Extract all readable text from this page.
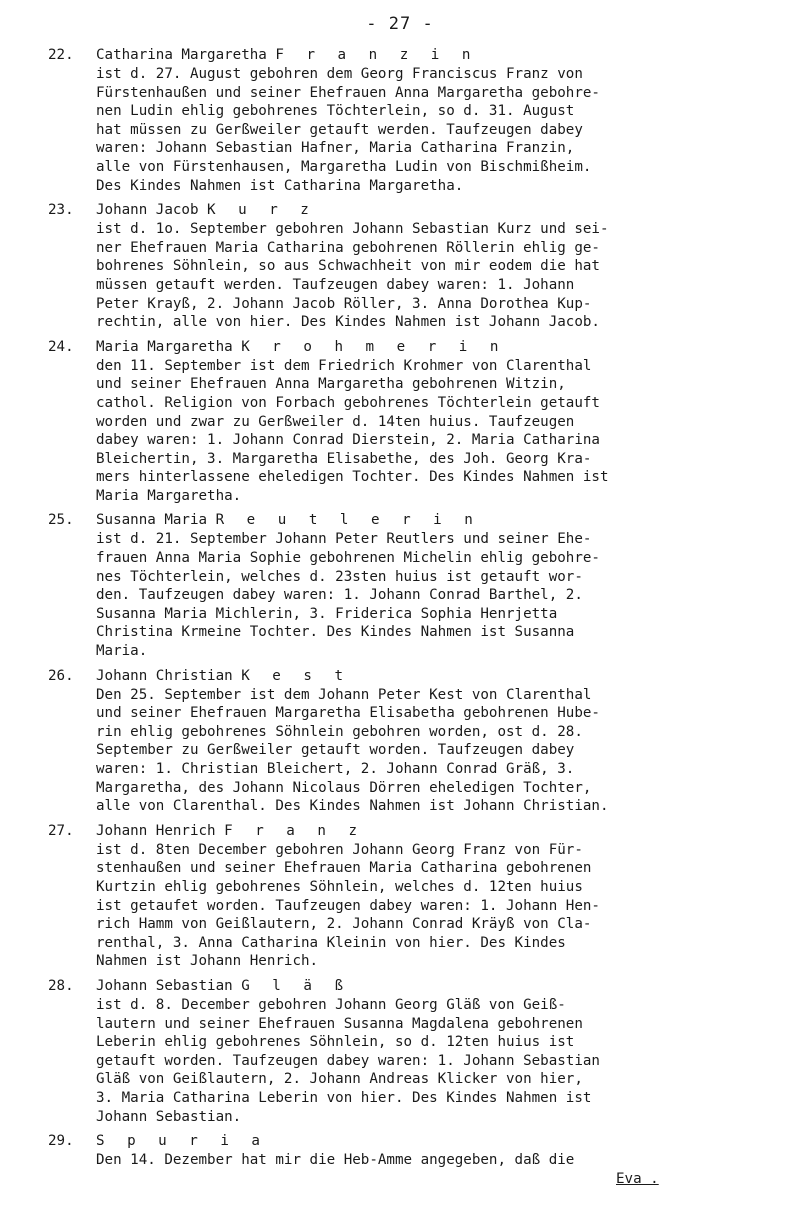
- 27 -
22. Catharina Margaretha F r a n z i n
ist d. 27. August gebohren dem Georg Franciscus Franz von
Fürstenhaußen und seiner Ehefrauen Anna Margaretha gebohre-
nen Ludin ehlig gebohrenes Töchterlein, so d. 31. August
hat müssen zu Gerßweiler getauft werden. Taufzeugen dabey
waren: Johann Sebastian Hafner, Maria Catharina Franzin,
alle von Fürstenhausen, Margaretha Ludin von Bischmißheim.
Des Kindes Nahmen ist Catharina Margaretha.
23. Johann Jacob K u r z
ist d. 1o. September gebohren Johann Sebastian Kurz und sei-
ner Ehefrauen Maria Catharina gebohrenen Röllerin ehlig ge-
bohrenes Söhnlein, so aus Schwachheit von mir eodem die hat
müssen getauft werden. Taufzeugen dabey waren: 1. Johann
Peter Krayß, 2. Johann Jacob Röller, 3. Anna Dorothea Kup-
rechtin, alle von hier. Des Kindes Nahmen ist Johann Jacob.
24. Maria Margaretha K r o h m e r i n
den 11. September ist dem Friedrich Krohmer von Clarenthal
und seiner Ehefrauen Anna Margaretha gebohrenen Witzin,
cathol. Religion von Forbach gebohrenes Töchterlein getauft
worden und zwar zu Gerßweiler d. 14ten huius. Taufzeugen
dabey waren: 1. Johann Conrad Dierstein, 2. Maria Catharina
Bleichertin, 3. Margaretha Elisabethe, des Joh. Georg Kra-
mers hinterlassene eheledigen Tochter. Des Kindes Nahmen ist
Maria Margaretha.
25. Susanna Maria R e u t l e r i n
ist d. 21. September Johann Peter Reutlers und seiner Ehe-
frauen Anna Maria Sophie gebohrenen Michelin ehlig gebohre-
nes Töchterlein, welches d. 23sten huius ist getauft wor-
den. Taufzeugen dabey waren: 1. Johann Conrad Barthel, 2.
Susanna Maria Michlerin, 3. Friderica Sophia Henrjetta
Christina Krmeine Tochter. Des Kindes Nahmen ist Susanna
Maria.
26. Johann Christian K e s t
Den 25. September ist dem Johann Peter Kest von Clarenthal
und seiner Ehefrauen Margaretha Elisabetha gebohrenen Hube-
rin ehlig gebohrenes Söhnlein gebohren worden, ost d. 28.
September zu Gerßweiler getauft worden. Taufzeugen dabey
waren: 1. Christian Bleichert, 2. Johann Conrad Gräß, 3.
Margaretha, des Johann Nicolaus Dörren eheledigen Tochter,
alle von Clarenthal. Des Kindes Nahmen ist Johann Christian.
27. Johann Henrich F r a n z
ist d. 8ten December gebohren Johann Georg Franz von Für-
stenhaußen und seiner Ehefrauen Maria Catharina gebohrenen
Kurtzin ehlig gebohrenes Söhnlein, welches d. 12ten huius
ist getaufet worden. Taufzeugen dabey waren: 1. Johann Hen-
rich Hamm von Geißlautern, 2. Johann Conrad Kräyß von Cla-
renthal, 3. Anna Catharina Kleinin von hier. Des Kindes
Nahmen ist Johann Henrich.
28. Johann Sebastian G l ä ß
ist d. 8. December gebohren Johann Georg Gläß von Geiß-
lautern und seiner Ehefrauen Susanna Magdalena gebohrenen
Leberin ehlig gebohrenes Söhnlein, so d. 12ten huius ist
getauft worden. Taufzeugen dabey waren: 1. Johann Sebastian
Gläß von Geißlautern, 2. Johann Andreas Klicker von hier,
3. Maria Catharina Leberin von hier. Des Kindes Nahmen ist
Johann Sebastian.
29. S p u r i a
Den 14. Dezember hat mir die Heb-Amme angegeben, daß die
Eva .
